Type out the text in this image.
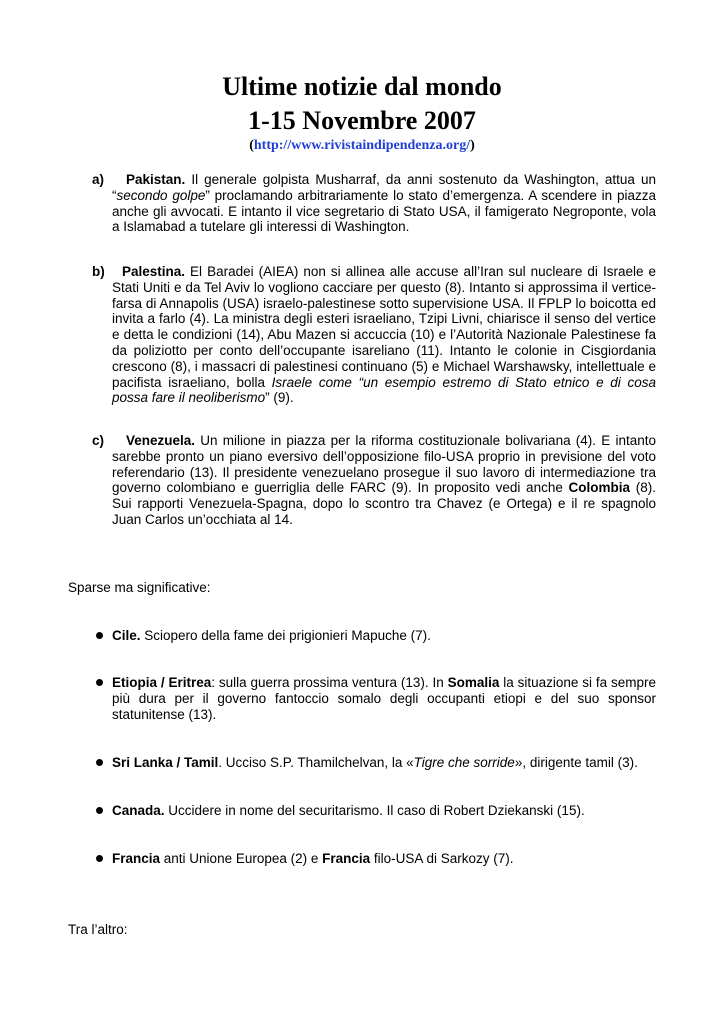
Ultime notizie dal mondo
1-15 Novembre 2007
(http://www.rivistaindipendenza.org/)
a)	Pakistan. Il generale golpista Musharraf, da anni sostenuto da Washington, attua un “secondo golpe” proclamando arbitrariamente lo stato d’emergenza. A scendere in piazza anche gli avvocati. E intanto il vice segretario di Stato USA, il famigerato Negroponte, vola a Islamabad a tutelare gli interessi di Washington.
b)	Palestina. El Baradei (AIEA) non si allinea alle accuse all’Iran sul nucleare di Israele e Stati Uniti e da Tel Aviv lo vogliono cacciare per questo (8). Intanto si approssima il vertice-farsa di Annapolis (USA) israelo-palestinese sotto supervisione USA. Il FPLP lo boicotta ed invita a farlo (4). La ministra degli esteri israeliano, Tzipi Livni, chiarisce il senso del vertice e detta le condizioni (14), Abu Mazen si accuccia (10) e l’Autorità Nazionale Palestinese fa da poliziotto per conto dell’occupante isareliano (11). Intanto le colonie in Cisgiordania crescono (8), i massacri di palestinesi continuano (5) e Michael Warshawsky, intellettuale e pacifista israeliano, bolla Israele come “un esempio estremo di Stato etnico e di cosa possa fare il neoliberismo” (9).
c)	Venezuela. Un milione in piazza per la riforma costituzionale bolivariana (4). E intanto sarebbe pronto un piano eversivo dell’opposizione filo-USA proprio in previsione del voto referendario (13). Il presidente venezuelano prosegue il suo lavoro di intermediazione tra governo colombiano e guerriglia delle FARC (9). In proposito vedi anche Colombia (8). Sui rapporti Venezuela-Spagna, dopo lo scontro tra Chavez (e Ortega) e il re spagnolo Juan Carlos un’occhiata al 14.
Sparse ma significative:
Cile. Sciopero della fame dei prigionieri Mapuche (7).
Etiopia / Eritrea: sulla guerra prossima ventura (13). In Somalia la situazione si fa sempre più dura per il governo fantoccio somalo degli occupanti etiopi e del suo sponsor statunitense (13).
Sri Lanka / Tamil. Ucciso S.P. Thamilchelvan, la «Tigre che sorride», dirigente tamil (3).
Canada. Uccidere in nome del securitarismo. Il caso di Robert Dziekanski (15).
Francia anti Unione Europea (2) e Francia filo-USA di Sarkozy (7).
Tra l’altro:
